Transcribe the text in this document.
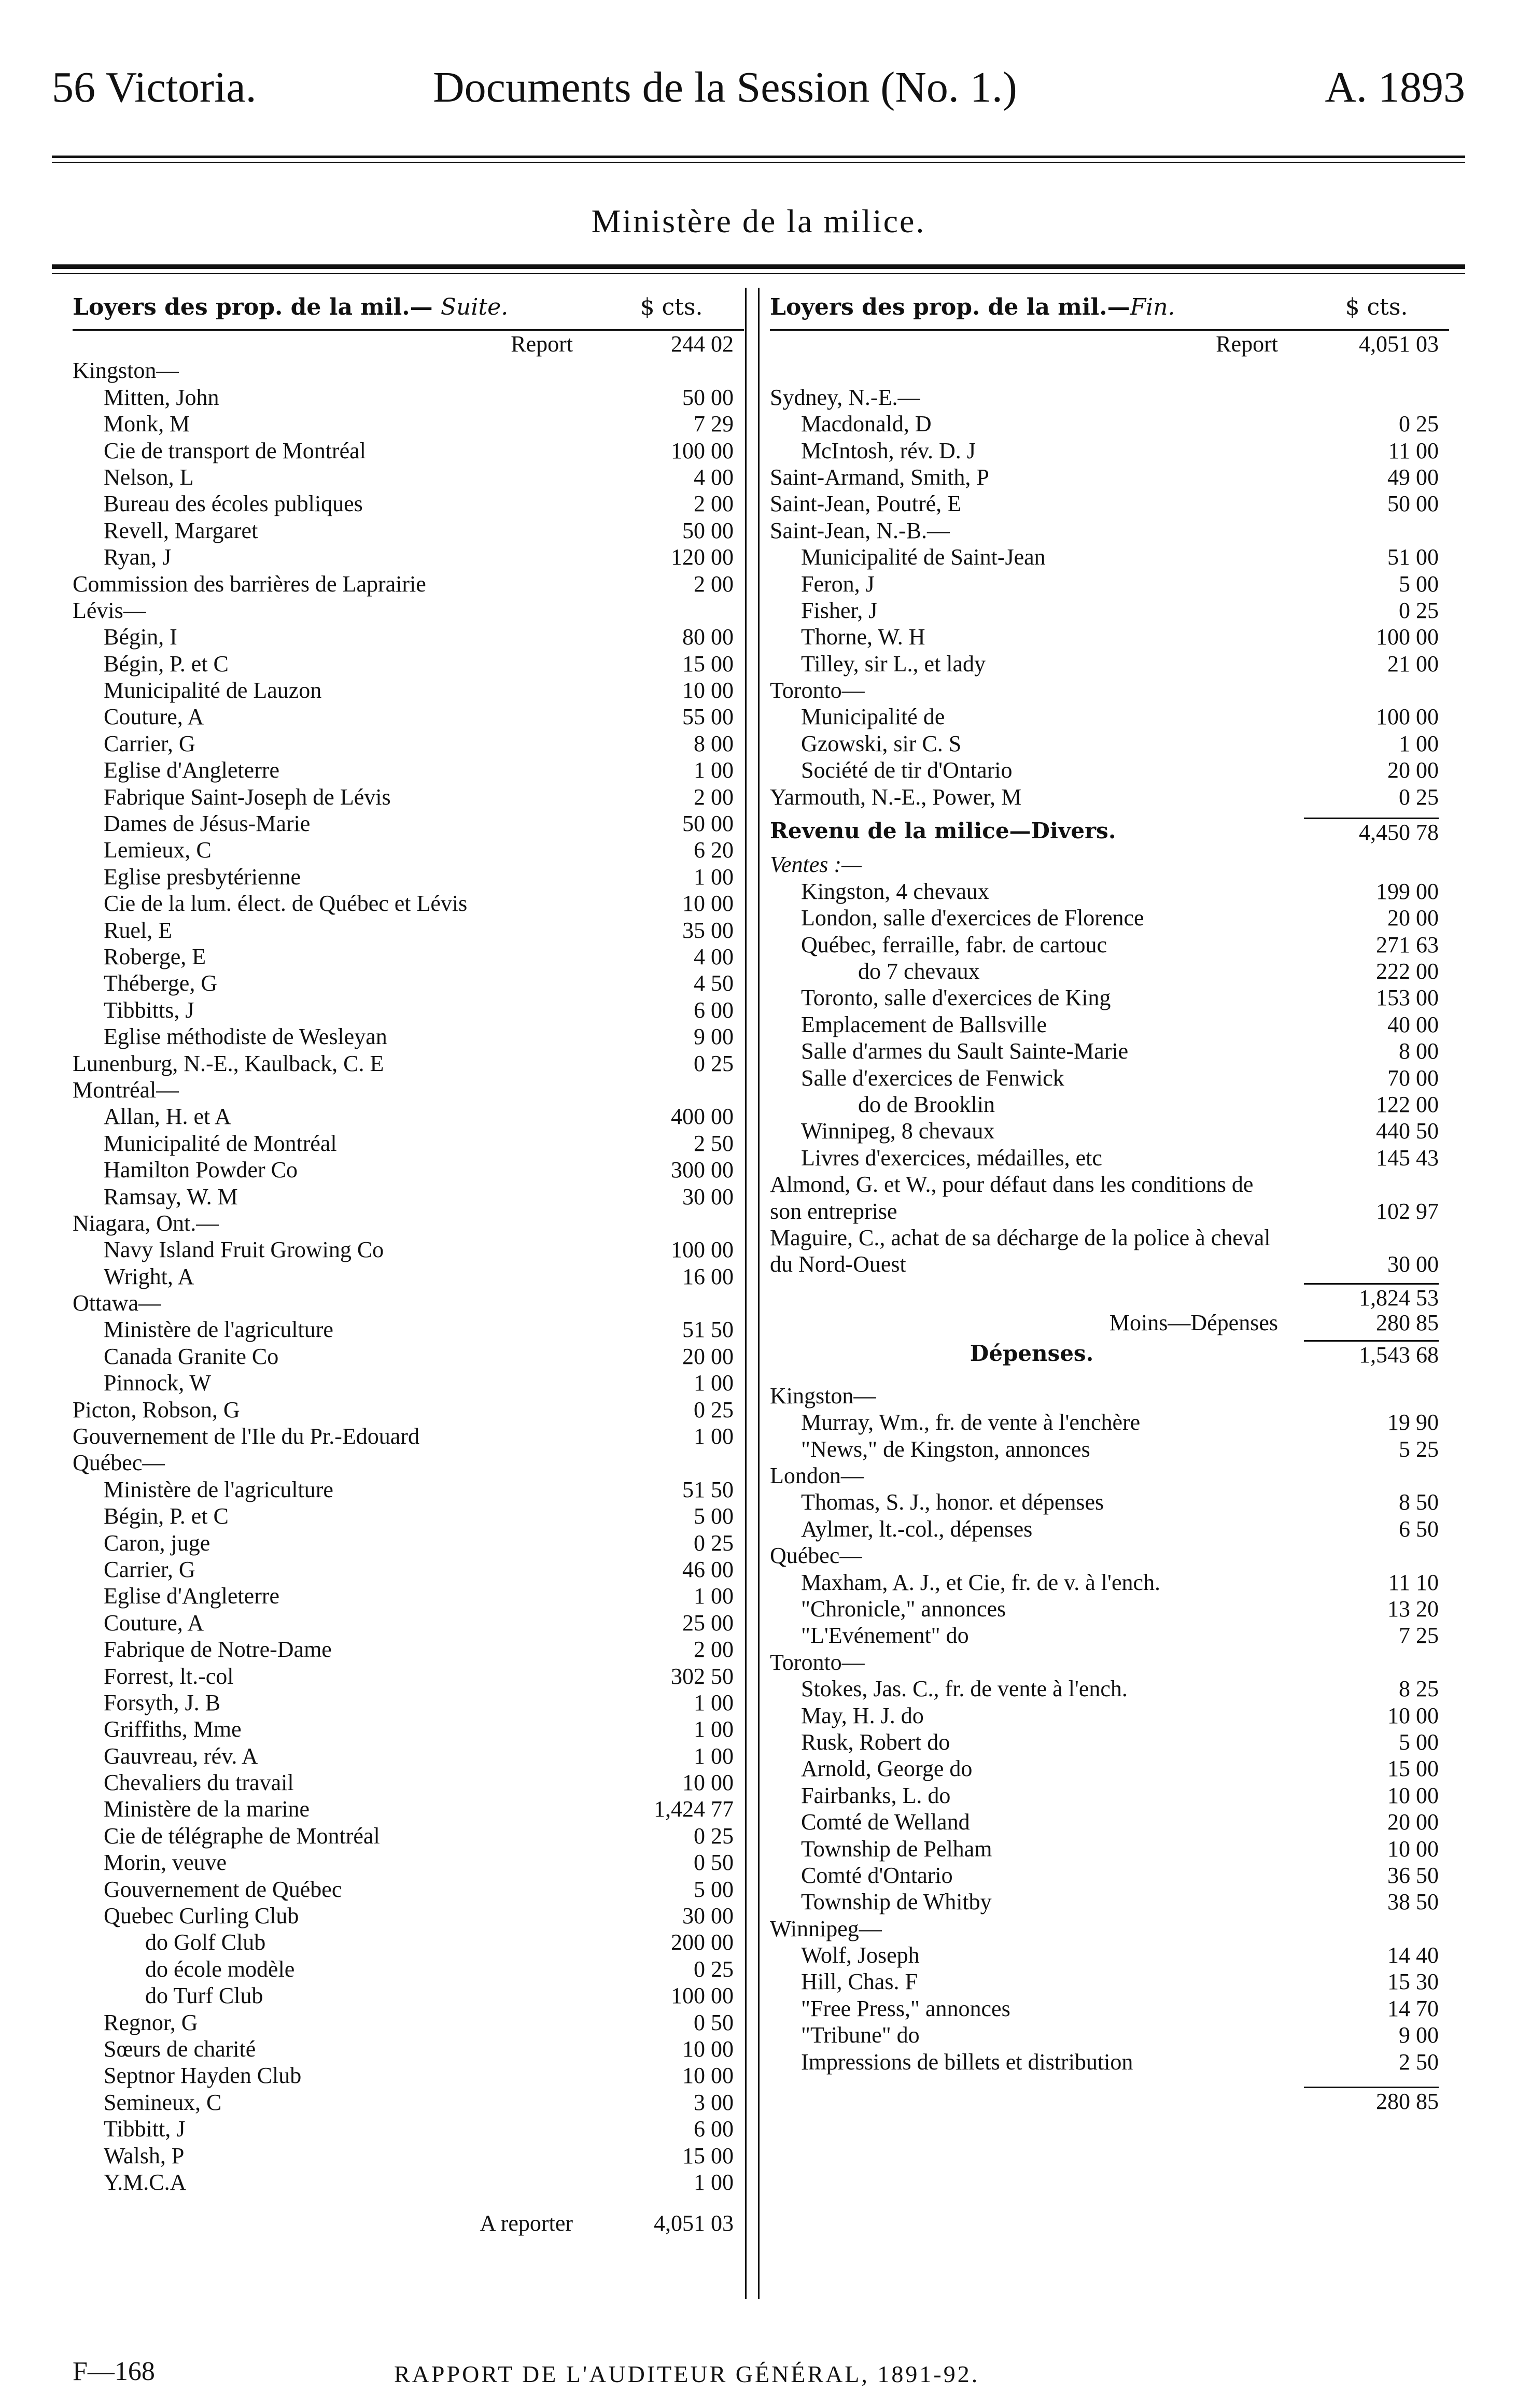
56 Victoria.	Documents de la Session (No. 1.)	A. 1893
Ministère de la milice.
Loyers des prop. de la mil.— Suite.	$ cts.
Report	244 02
Kingston—
Mitten, John	50 00
Monk, M	7 29
Cie de transport de Montréal	100 00
Nelson, L	4 00
Bureau des écoles publiques	2 00
Revell, Margaret	50 00
Ryan, J	120 00
Commission des barrières de Laprairie	2 00
Lévis—
Bégin, I	80 00
Bégin, P. et C	15 00
Municipalité de Lauzon	10 00
Couture, A	55 00
Carrier, G	8 00
Eglise d'Angleterre	1 00
Fabrique Saint-Joseph de Lévis	2 00
Dames de Jésus-Marie	50 00
Lemieux, C	6 20
Eglise presbytérienne	1 00
Cie de la lum. élect. de Québec et Lévis	10 00
Ruel, E	35 00
Roberge, E	4 00
Théberge, G	4 50
Tibbitts, J	6 00
Eglise méthodiste de Wesleyan	9 00
Lunenburg, N.-E., Kaulback, C. E	0 25
Montréal—
Allan, H. et A	400 00
Municipalité de Montréal	2 50
Hamilton Powder Co	300 00
Ramsay, W. M	30 00
Niagara, Ont.—
Navy Island Fruit Growing Co	100 00
Wright, A	16 00
Ottawa—
Ministère de l'agriculture	51 50
Canada Granite Co	20 00
Pinnock, W	1 00
Picton, Robson, G	0 25
Gouvernement de l'Ile du Pr.-Edouard	1 00
Québec—
Ministère de l'agriculture	51 50
Bégin, P. et C	5 00
Caron, juge	0 25
Carrier, G	46 00
Eglise d'Angleterre	1 00
Couture, A	25 00
Fabrique de Notre-Dame	2 00
Forrest, lt.-col	302 50
Forsyth, J. B	1 00
Griffiths, Mme	1 00
Gauvreau, rév. A	1 00
Chevaliers du travail	10 00
Ministère de la marine	1,424 77
Cie de télégraphe de Montréal	0 25
Morin, veuve	0 50
Gouvernement de Québec	5 00
Quebec Curling Club	30 00
do Golf Club	200 00
do école modèle	0 25
do Turf Club	100 00
Regnor, G	0 50
Sœurs de charité	10 00
Septnor Hayden Club	10 00
Semineux, C	3 00
Tibbitt, J	6 00
Walsh, P	15 00
Y.M.C.A	1 00
A reporter	4,051 03
Loyers des prop. de la mil.—Fin.	$ cts.
Report	4,051 03
Sydney, N.-E.—
Macdonald, D	0 25
McIntosh, rév. D. J	11 00
Saint-Armand, Smith, P	49 00
Saint-Jean, Poutré, E	50 00
Saint-Jean, N.-B.—
Municipalité de Saint-Jean	51 00
Feron, J	5 00
Fisher, J	0 25
Thorne, W. H	100 00
Tilley, sir L., et lady	21 00
Toronto—
Municipalité de	100 00
Gzowski, sir C. S	1 00
Société de tir d'Ontario	20 00
Yarmouth, N.-E., Power, M	0 25
Revenu de la milice—Divers.	4,450 78
Ventes :—
Kingston, 4 chevaux	199 00
London, salle d'exercices de Florence	20 00
Québec, ferraille, fabr. de cartouc	271 63
do 7 chevaux	222 00
Toronto, salle d'exercices de King	153 00
Emplacement de Ballsville	40 00
Salle d'armes du Sault Sainte-Marie	8 00
Salle d'exercices de Fenwick	70 00
do de Brooklin	122 00
Winnipeg, 8 chevaux	440 50
Livres d'exercices, médailles, etc	145 43
Almond, G. et W., pour défaut dans les conditions de son entreprise	102 97
Maguire, C., achat de sa décharge de la police à cheval du Nord-Ouest	30 00
1,824 53
Moins—Dépenses	280 85
Dépenses.	1,543 68
Kingston—
Murray, Wm., fr. de vente à l'enchère	19 90
"News," de Kingston, annonces	5 25
London—
Thomas, S. J., honor. et dépenses	8 50
Aylmer, lt.-col., dépenses	6 50
Québec—
Maxham, A. J., et Cie, fr. de v. à l'ench.	11 10
"Chronicle," annonces	13 20
"L'Evénement" do	7 25
Toronto—
Stokes, Jas. C., fr. de vente à l'ench.	8 25
May, H. J. do	10 00
Rusk, Robert do	5 00
Arnold, George do	15 00
Fairbanks, L. do	10 00
Comté de Welland	20 00
Township de Pelham	10 00
Comté d'Ontario	36 50
Township de Whitby	38 50
Winnipeg—
Wolf, Joseph	14 40
Hill, Chas. F	15 30
"Free Press," annonces	14 70
"Tribune" do	9 00
Impressions de billets et distribution	2 50
280 85
F—168	RAPPORT DE L'AUDITEUR GÉNÉRAL, 1891-92.
